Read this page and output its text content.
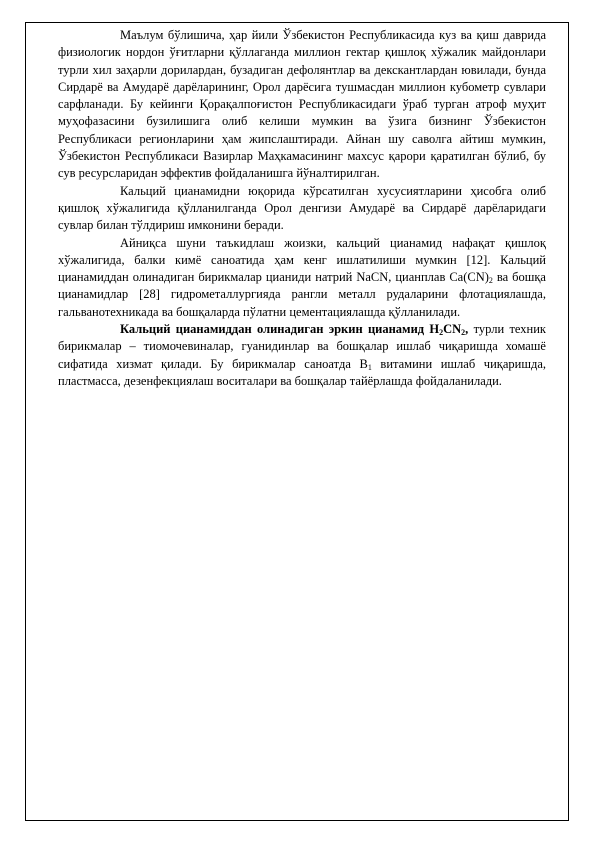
Маълум бўлишича, ҳар йили Ўзбекистон Республикасида куз ва қиш даврида физиологик нордон ўғитларни қўллаганда миллион гектар қишлоқ хўжалик майдонлари турли хил заҳарли дорилардан, бузадиган дефолянтлар ва декскантлардан ювилади, бунда Сирдарё ва Амударё дарёларининг, Орол дарёсига тушмасдан миллион кубометр сувлари сарфланади. Бу кейинги Қорақалпоғистон Республикасидаги ўраб турган атроф муҳит муҳофазасини бузилишига олиб келиши мумкин ва ўзига бизнинг Ўзбекистон Республикаси регионларини ҳам жипслаштиради. Айнан шу саволга айтиш мумкин, Ўзбекистон Республикаси Вазирлар Маҳкамасининг махсус қарори қаратилган бўлиб, бу сув ресурсларидан эффектив фойдаланишга йўналтирилган.

Кальций цианамидни юқорида кўрсатилган хусусиятларини ҳисобга олиб қишлоқ хўжалигида қўлланилганда Орол денгизи Амударё ва Сирдарё дарёларидаги сувлар билан тўлдириш имконини беради.

Айниқса шуни таъкидлаш жоизки, кальций цианамид нафақат қишлоқ хўжалигида, балки кимё саноатида ҳам кенг ишлатилиши мумкин [12]. Кальций цианамиддан олинадиган бирикмалар цианиди натрий NaCN, цианплав $Ca(CN)_2$ ва бошқа цианамидлар [28] гидрометаллургияда рангли металл рудаларини флотациялашда, гальванотехникада ва бошқаларда пўлатни цементациялашда қўлланилади.

Кальций цианамиддан олинадиган эркин цианамид $H_2CN_2$, турли техник бирикмалар – тиомочевиналар, гуанидинлар ва бошқалар ишлаб чиқаришда хомашё сифатида хизмат қилади. Бу бирикмалар саноатда $B_1$ витамини ишлаб чиқаришда, пластмасса, дезенфекциялаш воситалари ва бошқалар тайёрлашда фойдаланилади.
